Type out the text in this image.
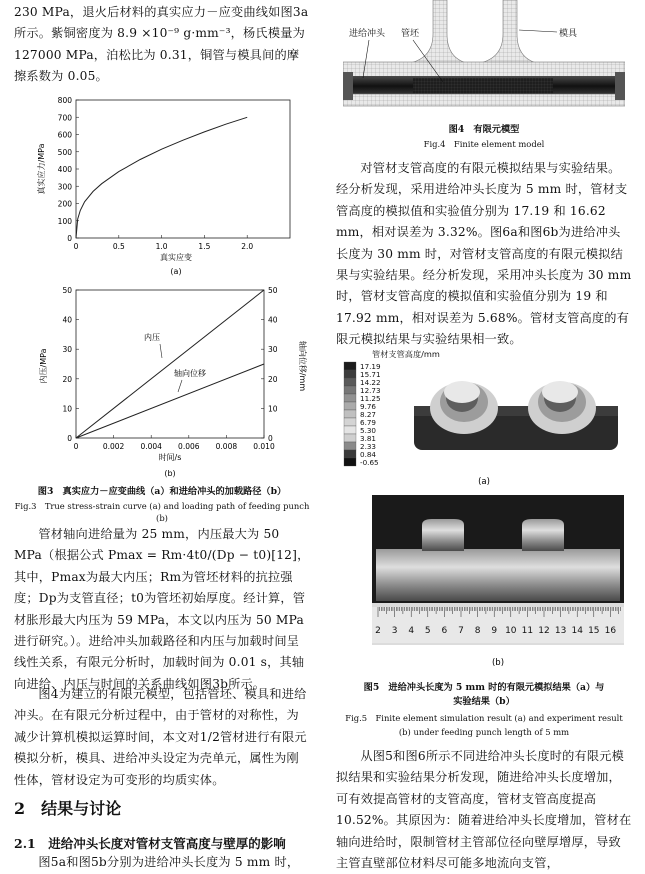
230 MPa，退火后材料的真实应力－应变曲线如图3a所示。紫铜密度为 8.9 ×10⁻⁹ g·mm⁻³，杨氏模量为 127000 MPa，泊松比为 0.31，铜管与模具间的摩擦系数为 0.05。
0
100
200
300
400
500
600
700
800
0	0.5	1.0	1.5	2.0
真实应力/MPa
真实应变
(a)
0
10
20
30
40
50
0
10
20
30
40
50
0	0.002 0.004 0.006 0.008 0.010
内压
轴向位移
内压/MPa	轴向位移/mm
时间/s
(b)
图3　真实应力－应变曲线（a）和进给冲头的加载路径（b）
Fig.3　True stress-strain curve (a) and loading path of feeding punch (b)
管材轴向进给量为 25 mm，内压最大为 50 MPa（根据公式 Pmax = Rm·4t0/(Dp − t0)[12]，其中，Pmax为最大内压；Rm为管坯材料的抗拉强度；Dp为支管直径；t0为管坯初始厚度。经计算，管材胀形最大内压为 59 MPa，本文以内压为 50 MPa 进行研究。）。进给冲头加载路径和内压与加载时间呈线性关系，有限元分析时，加载时间为 0.01 s，其轴向进给、内压与时间的关系曲线如图3b所示。
图4为建立的有限元模型，包括管坯、模具和进给冲头。在有限元分析过程中，由于管材的对称性，为减少计算机模拟运算时间，本文对1/2管材进行有限元模拟分析，模具、进给冲头设定为壳单元，属性为刚性体，管材设定为可变形的均质实体。
2　结果与讨论
2.1　进给冲头长度对管材支管高度与壁厚的影响
图5a和图5b分别为进给冲头长度为 5 mm 时，
进给冲头 管坯	模具
图4　有限元模型
Fig.4　Finite element model
对管材支管高度的有限元模拟结果与实验结果。经分析发现，采用进给冲头长度为 5 mm 时，管材支管高度的模拟值和实验值分别为 17.19 和 16.62 mm，相对误差为 3.32%。图6a和图6b为进给冲头长度为 30 mm 时，对管材支管高度的有限元模拟结果与实验结果。经分析发现，采用冲头长度为 30 mm 时，管材支管高度的模拟值和实验值分别为 19 和 17.92 mm，相对误差为 5.68%。管材支管高度的有限元模拟结果与实验结果相一致。
管材支管高度/mm
17.19
15.71
14.22
12.73
11.25
9.76
8.27
6.79
5.30
3.81
2.33
0.84
-0.65
(a)
2 3 4 5 6 7 8 9 10 11 12 13 14 15 16
(b)
图5　进给冲头长度为 5 mm 时的有限元模拟结果（a）与
实验结果（b）
Fig.5　Finite element simulation result (a) and experiment result
(b) under feeding punch length of 5 mm
从图5和图6所示不同进给冲头长度时的有限元模拟结果和实验结果分析发现，随进给冲头长度增加，可有效提高管材的支管高度，管材支管高度提高 10.52%。其原因为：随着进给冲头长度增加，管材在轴向进给时，限制管材主管部位径向壁厚增厚，导致主管直壁部位材料尽可能多地流向支管，
